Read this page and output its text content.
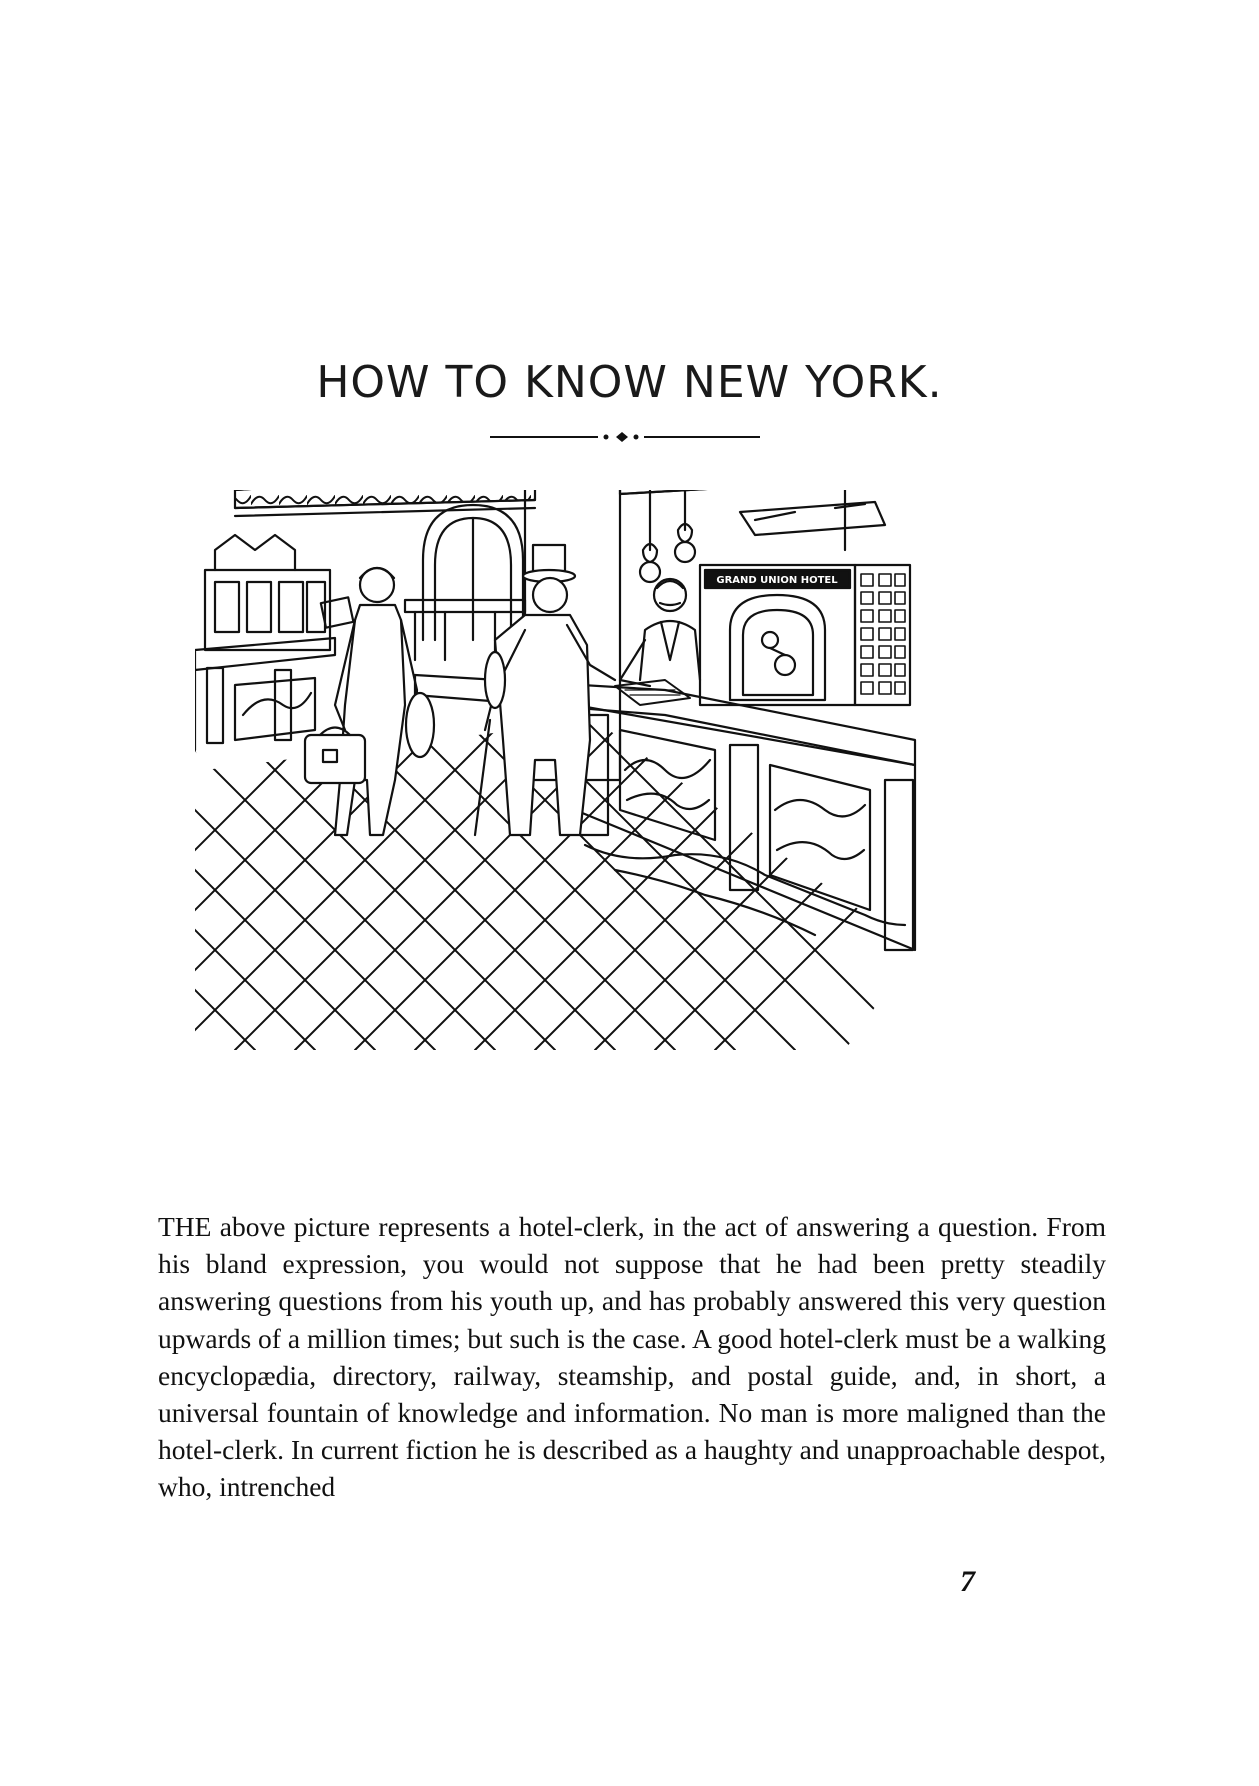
HOW TO KNOW NEW YORK.
GRAND UNION HOTEL

THE above picture represents a hotel-clerk, in the act of answering a question. From his bland expression, you would not suppose that he had been pretty steadily answering questions from his youth up, and has probably answered this very question upwards of a million times; but such is the case. A good hotel-clerk must be a walking encyclopædia, directory, railway, steamship, and postal guide, and, in short, a universal fountain of knowledge and information. No man is more maligned than the hotel-clerk. In current fiction he is described as a haughty and unapproachable despot, who, intrenched

7
